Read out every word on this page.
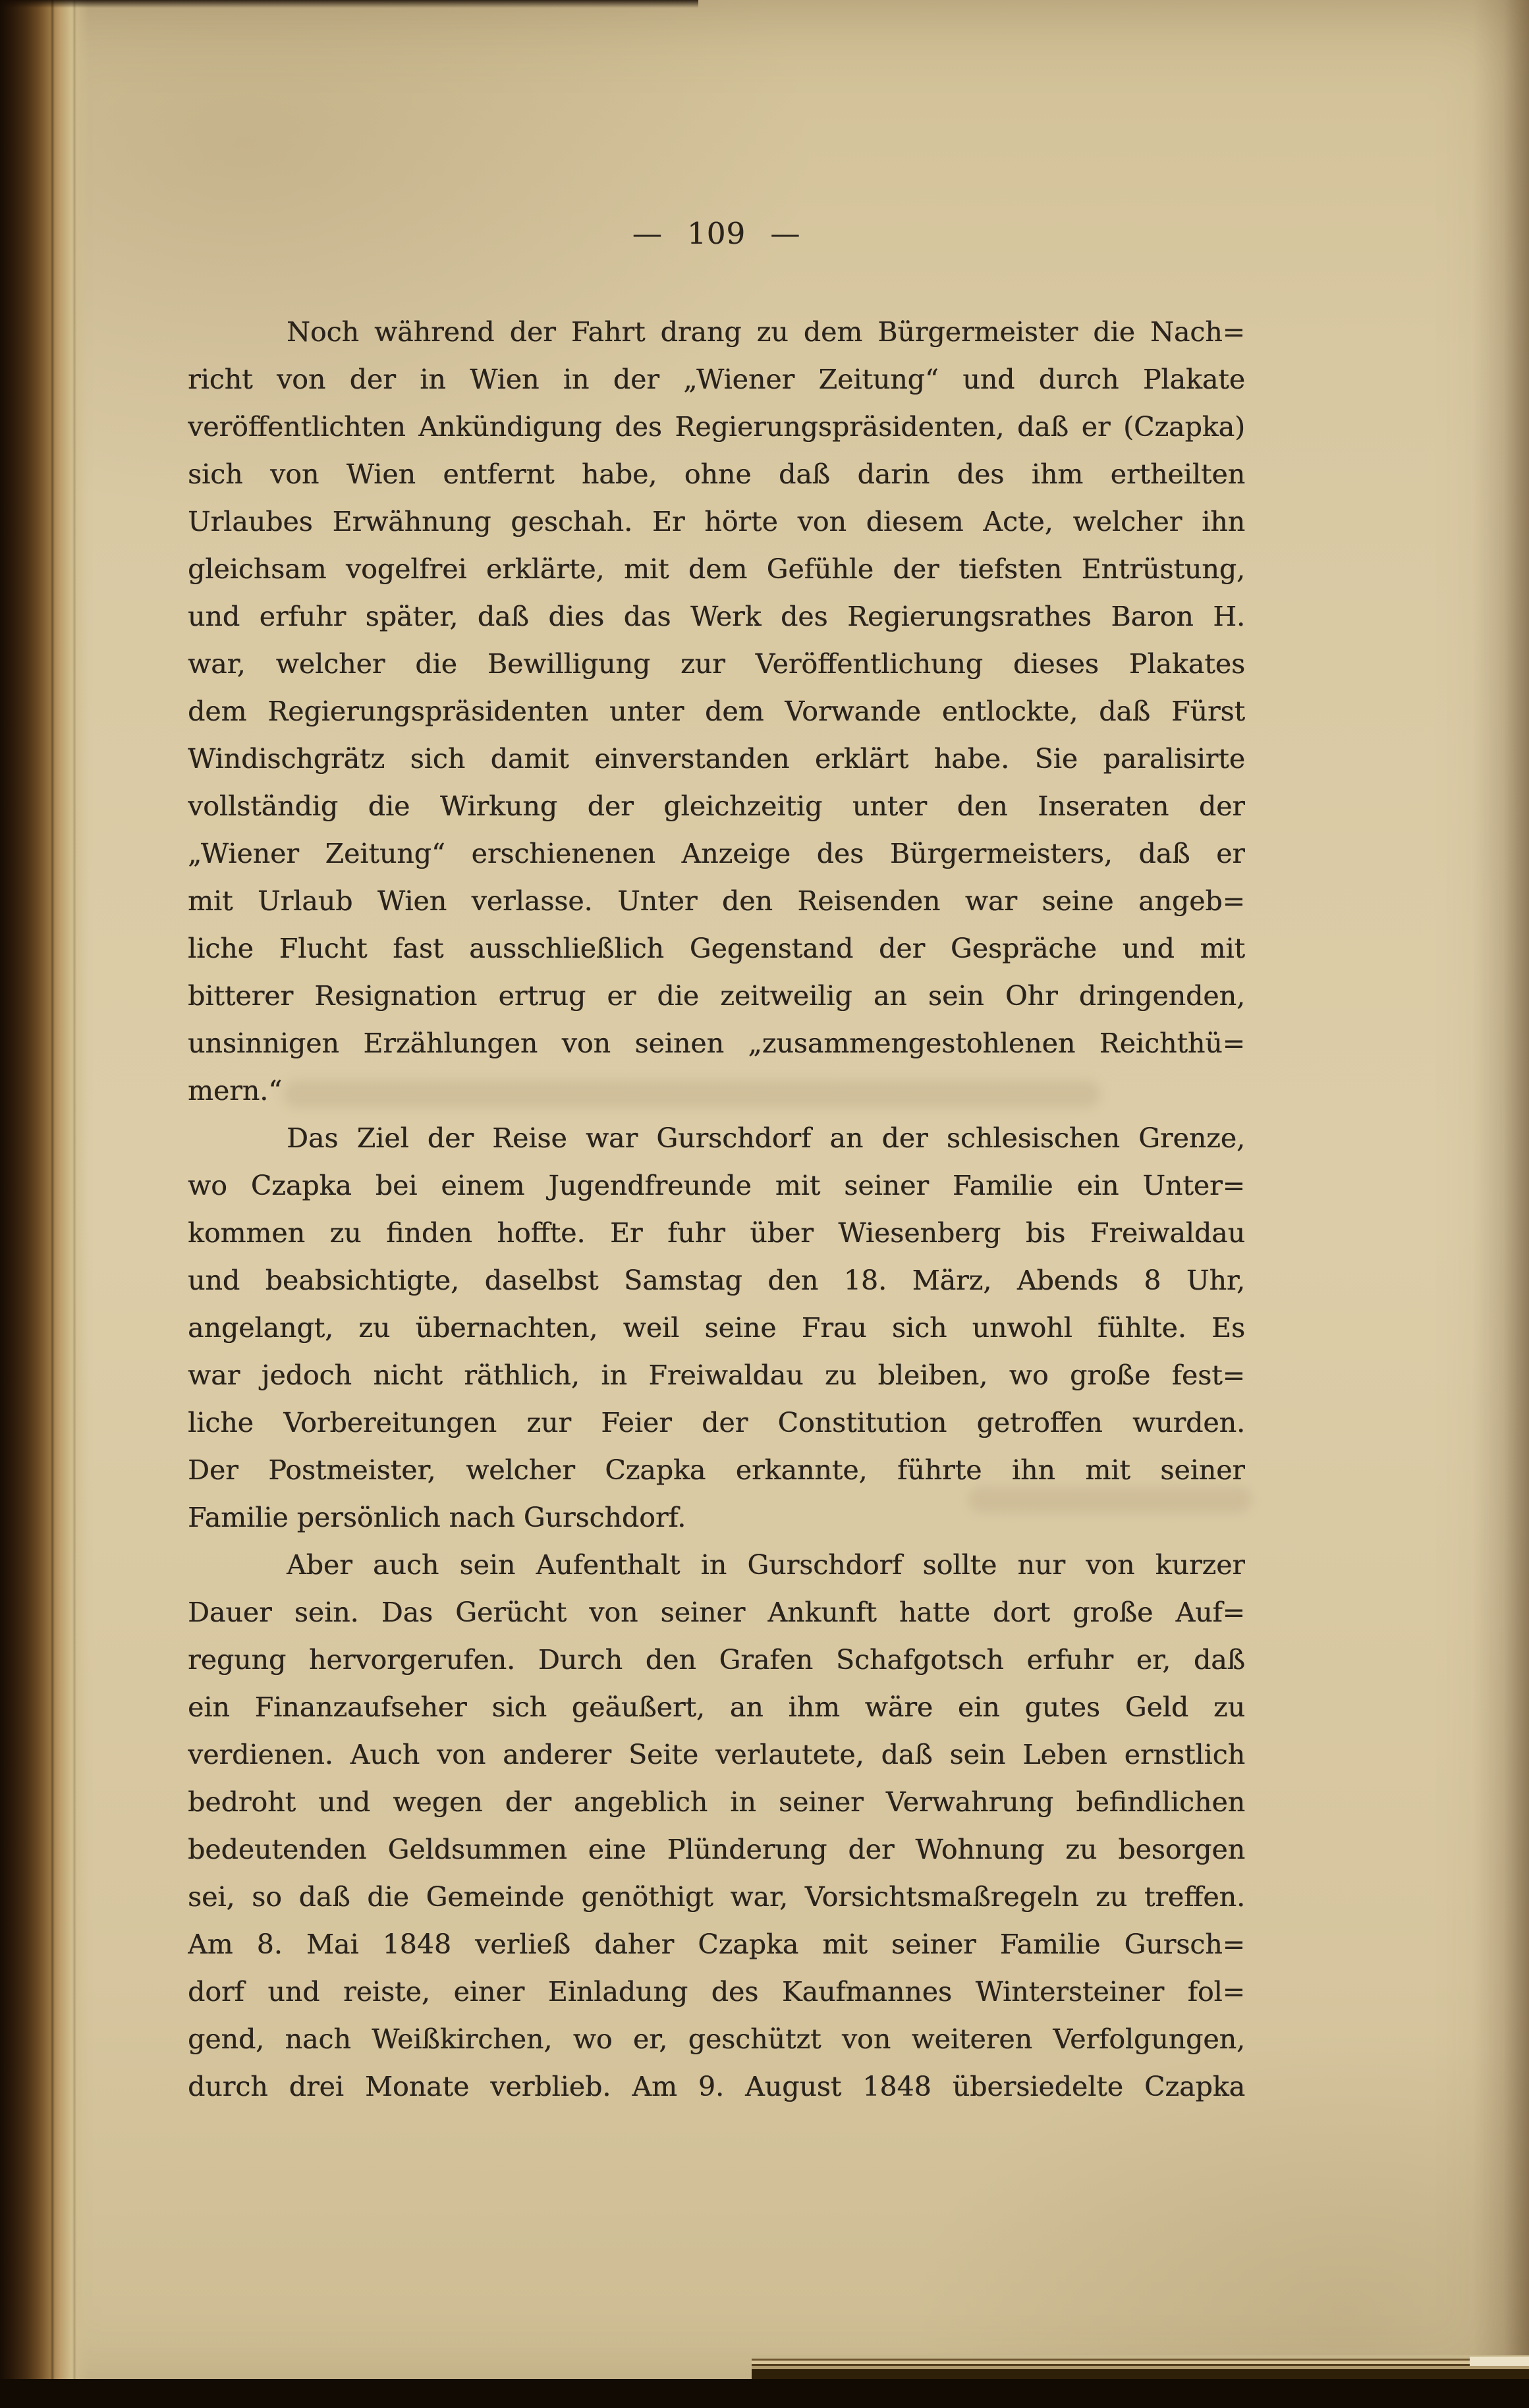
— 109 —
Noch während der Fahrt drang zu dem Bürgermeister die Nach=
richt von der in Wien in der „Wiener Zeitung“ und durch Plakate
veröffentlichten Ankündigung des Regierungspräsidenten, daß er (Czapka)
sich von Wien entfernt habe, ohne daß darin des ihm ertheilten
Urlaubes Erwähnung geschah. Er hörte von diesem Acte, welcher ihn
gleichsam vogelfrei erklärte, mit dem Gefühle der tiefsten Entrüstung,
und erfuhr später, daß dies das Werk des Regierungsrathes Baron H.
war, welcher die Bewilligung zur Veröffentlichung dieses Plakates
dem Regierungspräsidenten unter dem Vorwande entlockte, daß Fürst
Windischgrätz sich damit einverstanden erklärt habe. Sie paralisirte
vollständig die Wirkung der gleichzeitig unter den Inseraten der
„Wiener Zeitung“ erschienenen Anzeige des Bürgermeisters, daß er
mit Urlaub Wien verlasse. Unter den Reisenden war seine angeb=
liche Flucht fast ausschließlich Gegenstand der Gespräche und mit
bitterer Resignation ertrug er die zeitweilig an sein Ohr dringenden,
unsinnigen Erzählungen von seinen „zusammengestohlenen Reichthü=
mern.“
Das Ziel der Reise war Gurschdorf an der schlesischen Grenze,
wo Czapka bei einem Jugendfreunde mit seiner Familie ein Unter=
kommen zu finden hoffte. Er fuhr über Wiesenberg bis Freiwaldau
und beabsichtigte, daselbst Samstag den 18. März, Abends 8 Uhr,
angelangt, zu übernachten, weil seine Frau sich unwohl fühlte. Es
war jedoch nicht räthlich, in Freiwaldau zu bleiben, wo große fest=
liche Vorbereitungen zur Feier der Constitution getroffen wurden.
Der Postmeister, welcher Czapka erkannte, führte ihn mit seiner
Familie persönlich nach Gurschdorf.
Aber auch sein Aufenthalt in Gurschdorf sollte nur von kurzer
Dauer sein. Das Gerücht von seiner Ankunft hatte dort große Auf=
regung hervorgerufen. Durch den Grafen Schafgotsch erfuhr er, daß
ein Finanzaufseher sich geäußert, an ihm wäre ein gutes Geld zu
verdienen. Auch von anderer Seite verlautete, daß sein Leben ernstlich
bedroht und wegen der angeblich in seiner Verwahrung befindlichen
bedeutenden Geldsummen eine Plünderung der Wohnung zu besorgen
sei, so daß die Gemeinde genöthigt war, Vorsichtsmaßregeln zu treffen.
Am 8. Mai 1848 verließ daher Czapka mit seiner Familie Gursch=
dorf und reiste, einer Einladung des Kaufmannes Wintersteiner fol=
gend, nach Weißkirchen, wo er, geschützt von weiteren Verfolgungen,
durch drei Monate verblieb. Am 9. August 1848 übersiedelte Czapka
